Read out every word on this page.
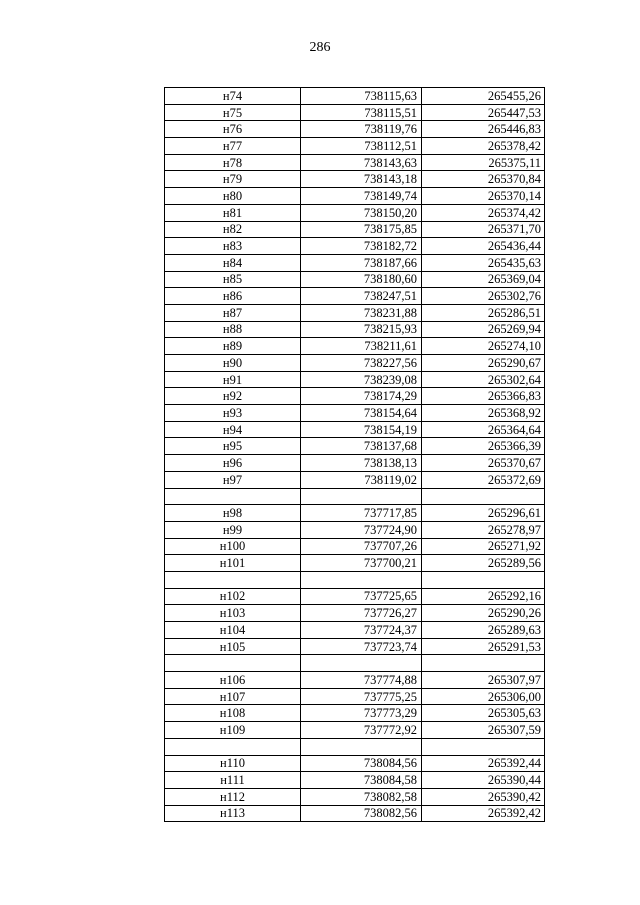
286
н74	738115,63	265455,26
н75	738115,51	265447,53
н76	738119,76	265446,83
н77	738112,51	265378,42
н78	738143,63	265375,11
н79	738143,18	265370,84
н80	738149,74	265370,14
н81	738150,20	265374,42
н82	738175,85	265371,70
н83	738182,72	265436,44
н84	738187,66	265435,63
н85	738180,60	265369,04
н86	738247,51	265302,76
н87	738231,88	265286,51
н88	738215,93	265269,94
н89	738211,61	265274,10
н90	738227,56	265290,67
н91	738239,08	265302,64
н92	738174,29	265366,83
н93	738154,64	265368,92
н94	738154,19	265364,64
н95	738137,68	265366,39
н96	738138,13	265370,67
н97	738119,02	265372,69

н98	737717,85	265296,61
н99	737724,90	265278,97
н100	737707,26	265271,92
н101	737700,21	265289,56

н102	737725,65	265292,16
н103	737726,27	265290,26
н104	737724,37	265289,63
н105	737723,74	265291,53

н106	737774,88	265307,97
н107	737775,25	265306,00
н108	737773,29	265305,63
н109	737772,92	265307,59

н110	738084,56	265392,44
н111	738084,58	265390,44
н112	738082,58	265390,42
н113	738082,56	265392,42
